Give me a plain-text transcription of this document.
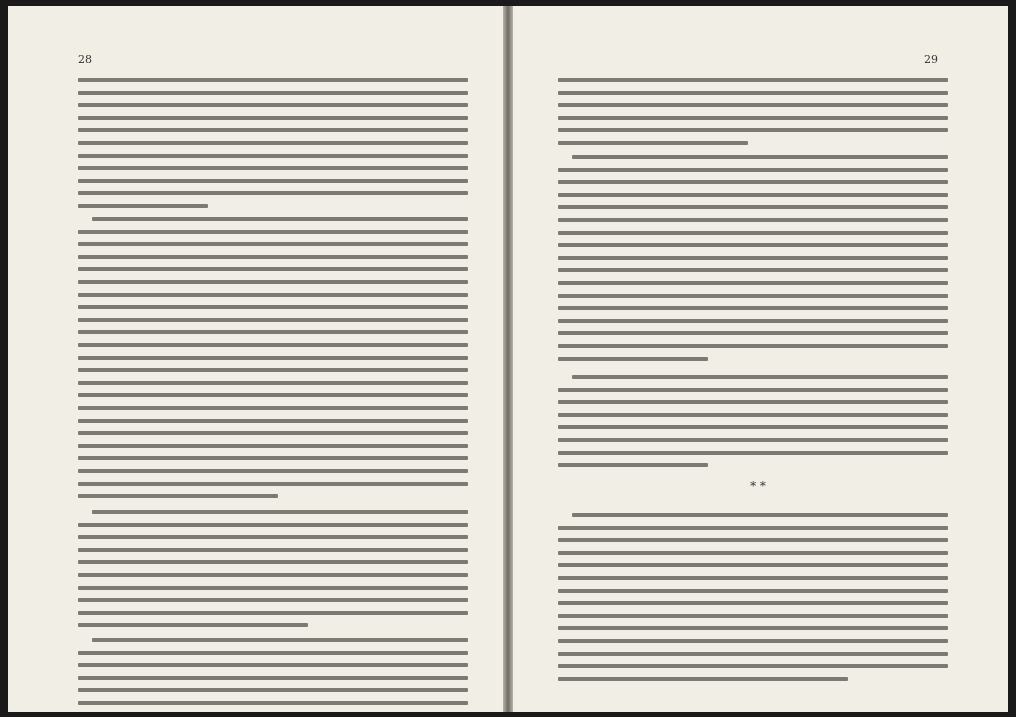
28	29
* *
